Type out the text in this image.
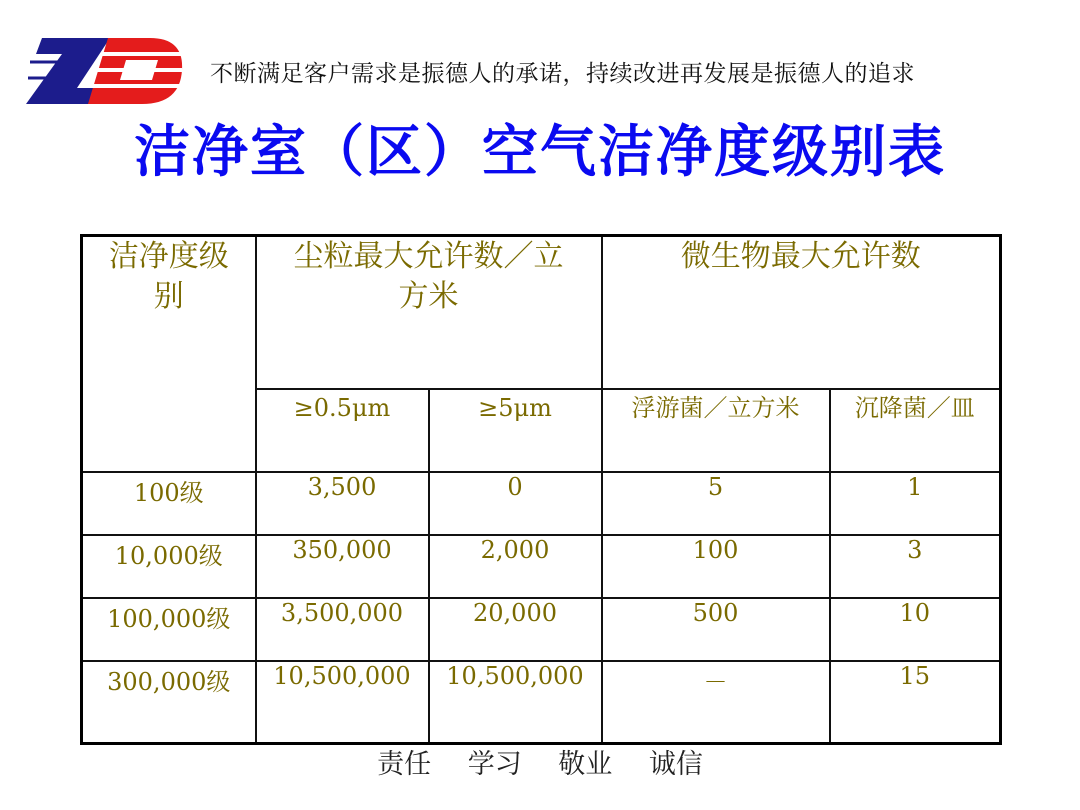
不断满足客户需求是振德人的承诺，持续改进再发展是振德人的追求
洁净室（区）空气洁净度级别表
洁净度级别	尘粒最大允许数／立方米		微生物最大允许数	
	≥0.5μm	≥5μm	浮游菌／立方米	沉降菌／皿
100级	3,500	0	5	1
10,000级	350,000	2,000	100	3
100,000级	3,500,000	20,000	500	10
300,000级	10,500,000	10,500,000	－	15
责任 学习 敬业 诚信
